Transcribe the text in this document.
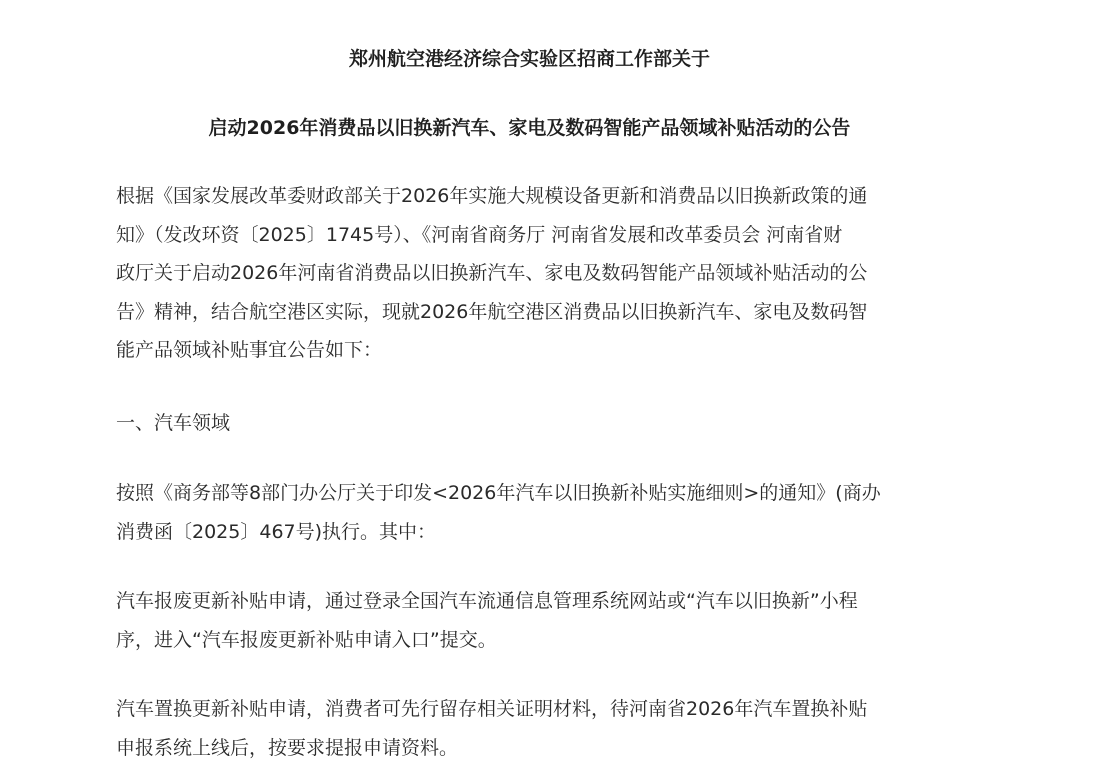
郑州航空港经济综合实验区招商工作部关于
启动2026年消费品以旧换新汽车、家电及数码智能产品领域补贴活动的公告

根据《国家发展改革委财政部关于2026年实施大规模设备更新和消费品以旧换新政策的通
知》（发改环资〔2025〕1745号）、《河南省商务厅 河南省发展和改革委员会 河南省财
政厅关于启动2026年河南省消费品以旧换新汽车、家电及数码智能产品领域补贴活动的公
告》精神，结合航空港区实际，现就2026年航空港区消费品以旧换新汽车、家电及数码智
能产品领域补贴事宜公告如下：

一、汽车领域

按照《商务部等8部门办公厅关于印发<2026年汽车以旧换新补贴实施细则>的通知》(商办
消费函〔2025〕467号)执行。其中：

汽车报废更新补贴申请，通过登录全国汽车流通信息管理系统网站或“汽车以旧换新”小程
序，进入“汽车报废更新补贴申请入口”提交。

汽车置换更新补贴申请，消费者可先行留存相关证明材料，待河南省2026年汽车置换补贴
申报系统上线后，按要求提报申请资料。
